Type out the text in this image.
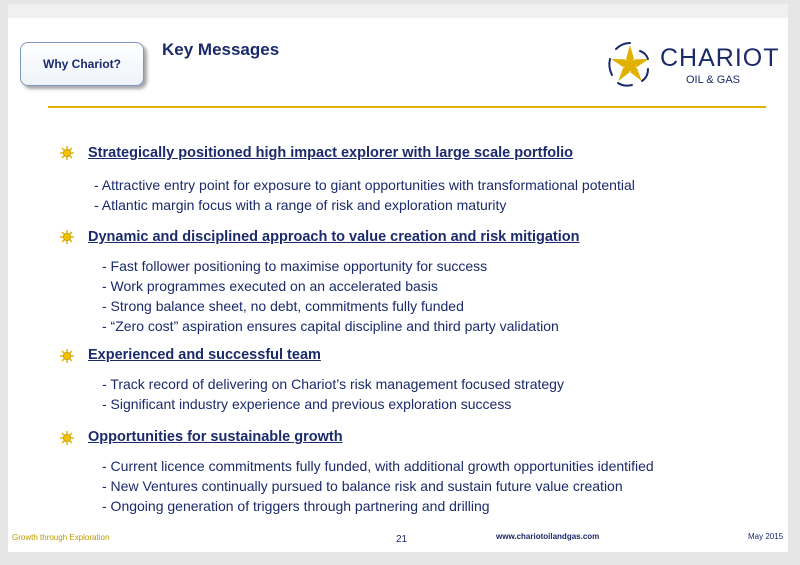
Why Chariot?
Key Messages	CHARIOT
OIL & GAS
Strategically positioned high impact explorer with large scale portfolio
- Attractive entry point for exposure to giant opportunities with transformational potential
- Atlantic margin focus with a range of risk and exploration maturity
Dynamic and disciplined approach to value creation and risk mitigation
- Fast follower positioning to maximise opportunity for success
- Work programmes executed on an accelerated basis
- Strong balance sheet, no debt, commitments fully funded
- “Zero cost” aspiration ensures capital discipline and third party validation
Experienced and successful team
- Track record of delivering on Chariot’s risk management focused strategy
- Significant industry experience and previous exploration success
Opportunities for sustainable growth
- Current licence commitments fully funded, with additional growth opportunities identified
- New Ventures continually pursued to balance risk and sustain future value creation
- Ongoing generation of triggers through partnering and drilling
Growth through Exploration	21	www.chariotoilandgas.com	May 2015
